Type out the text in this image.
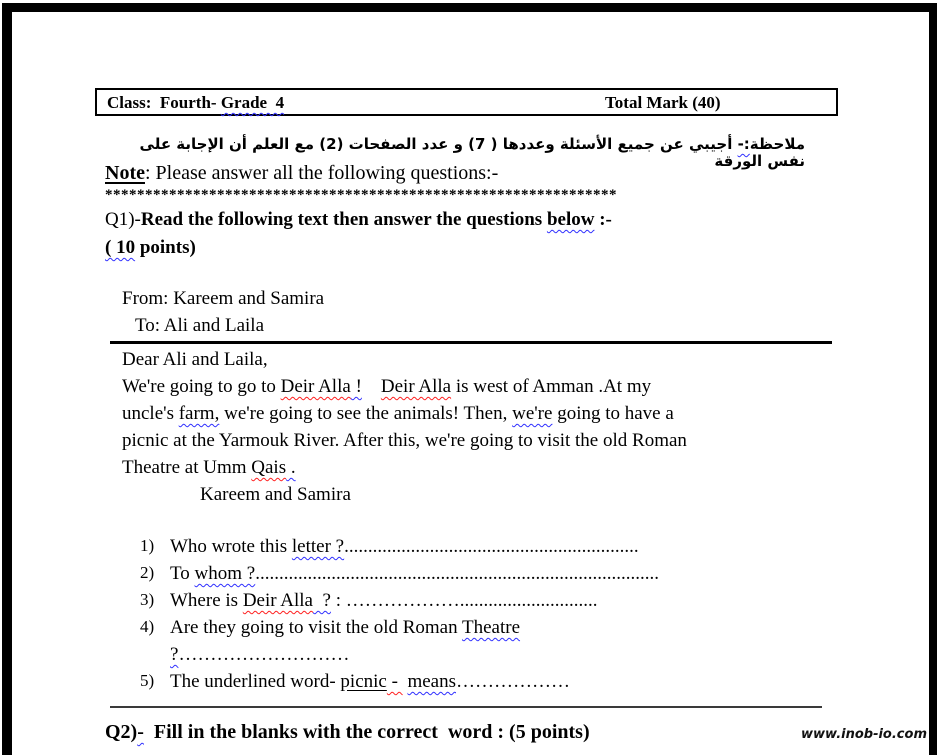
Class:  Fourth- Grade  4	Total Mark (40)
ملاحظة:- أجيبي عن جميع الأسئلة وعددها ( 7) و عدد الصفحات (2) مع العلم أن الإجابة على نفس الورقة
Note: Please answer all the following questions:-
****************************************************************
Q1)-Read the following text then answer the questions below :-
( 10 points)
From: Kareem and Samira
To: Ali and Laila
Dear Ali and Laila,
We're going to go to Deir Alla ! Deir Alla is west of Amman .At my
uncle's farm, we're going to see the animals! Then, we're going to have a
picnic at the Yarmouk River. After this, we're going to visit the old Roman
Theatre at Umm Qais .
Kareem and Samira
1) Who wrote this letter ?..............................................................
2) To whom ?.....................................................................................
3) Where is Deir Alla  ? : ……………….............................
4) Are they going to visit the old Roman Theatre
?………………………
5) The underlined word- picnic -  means………………
Q2)-  Fill in the blanks with the correct  word : (5 points)	www.inob-io.com
